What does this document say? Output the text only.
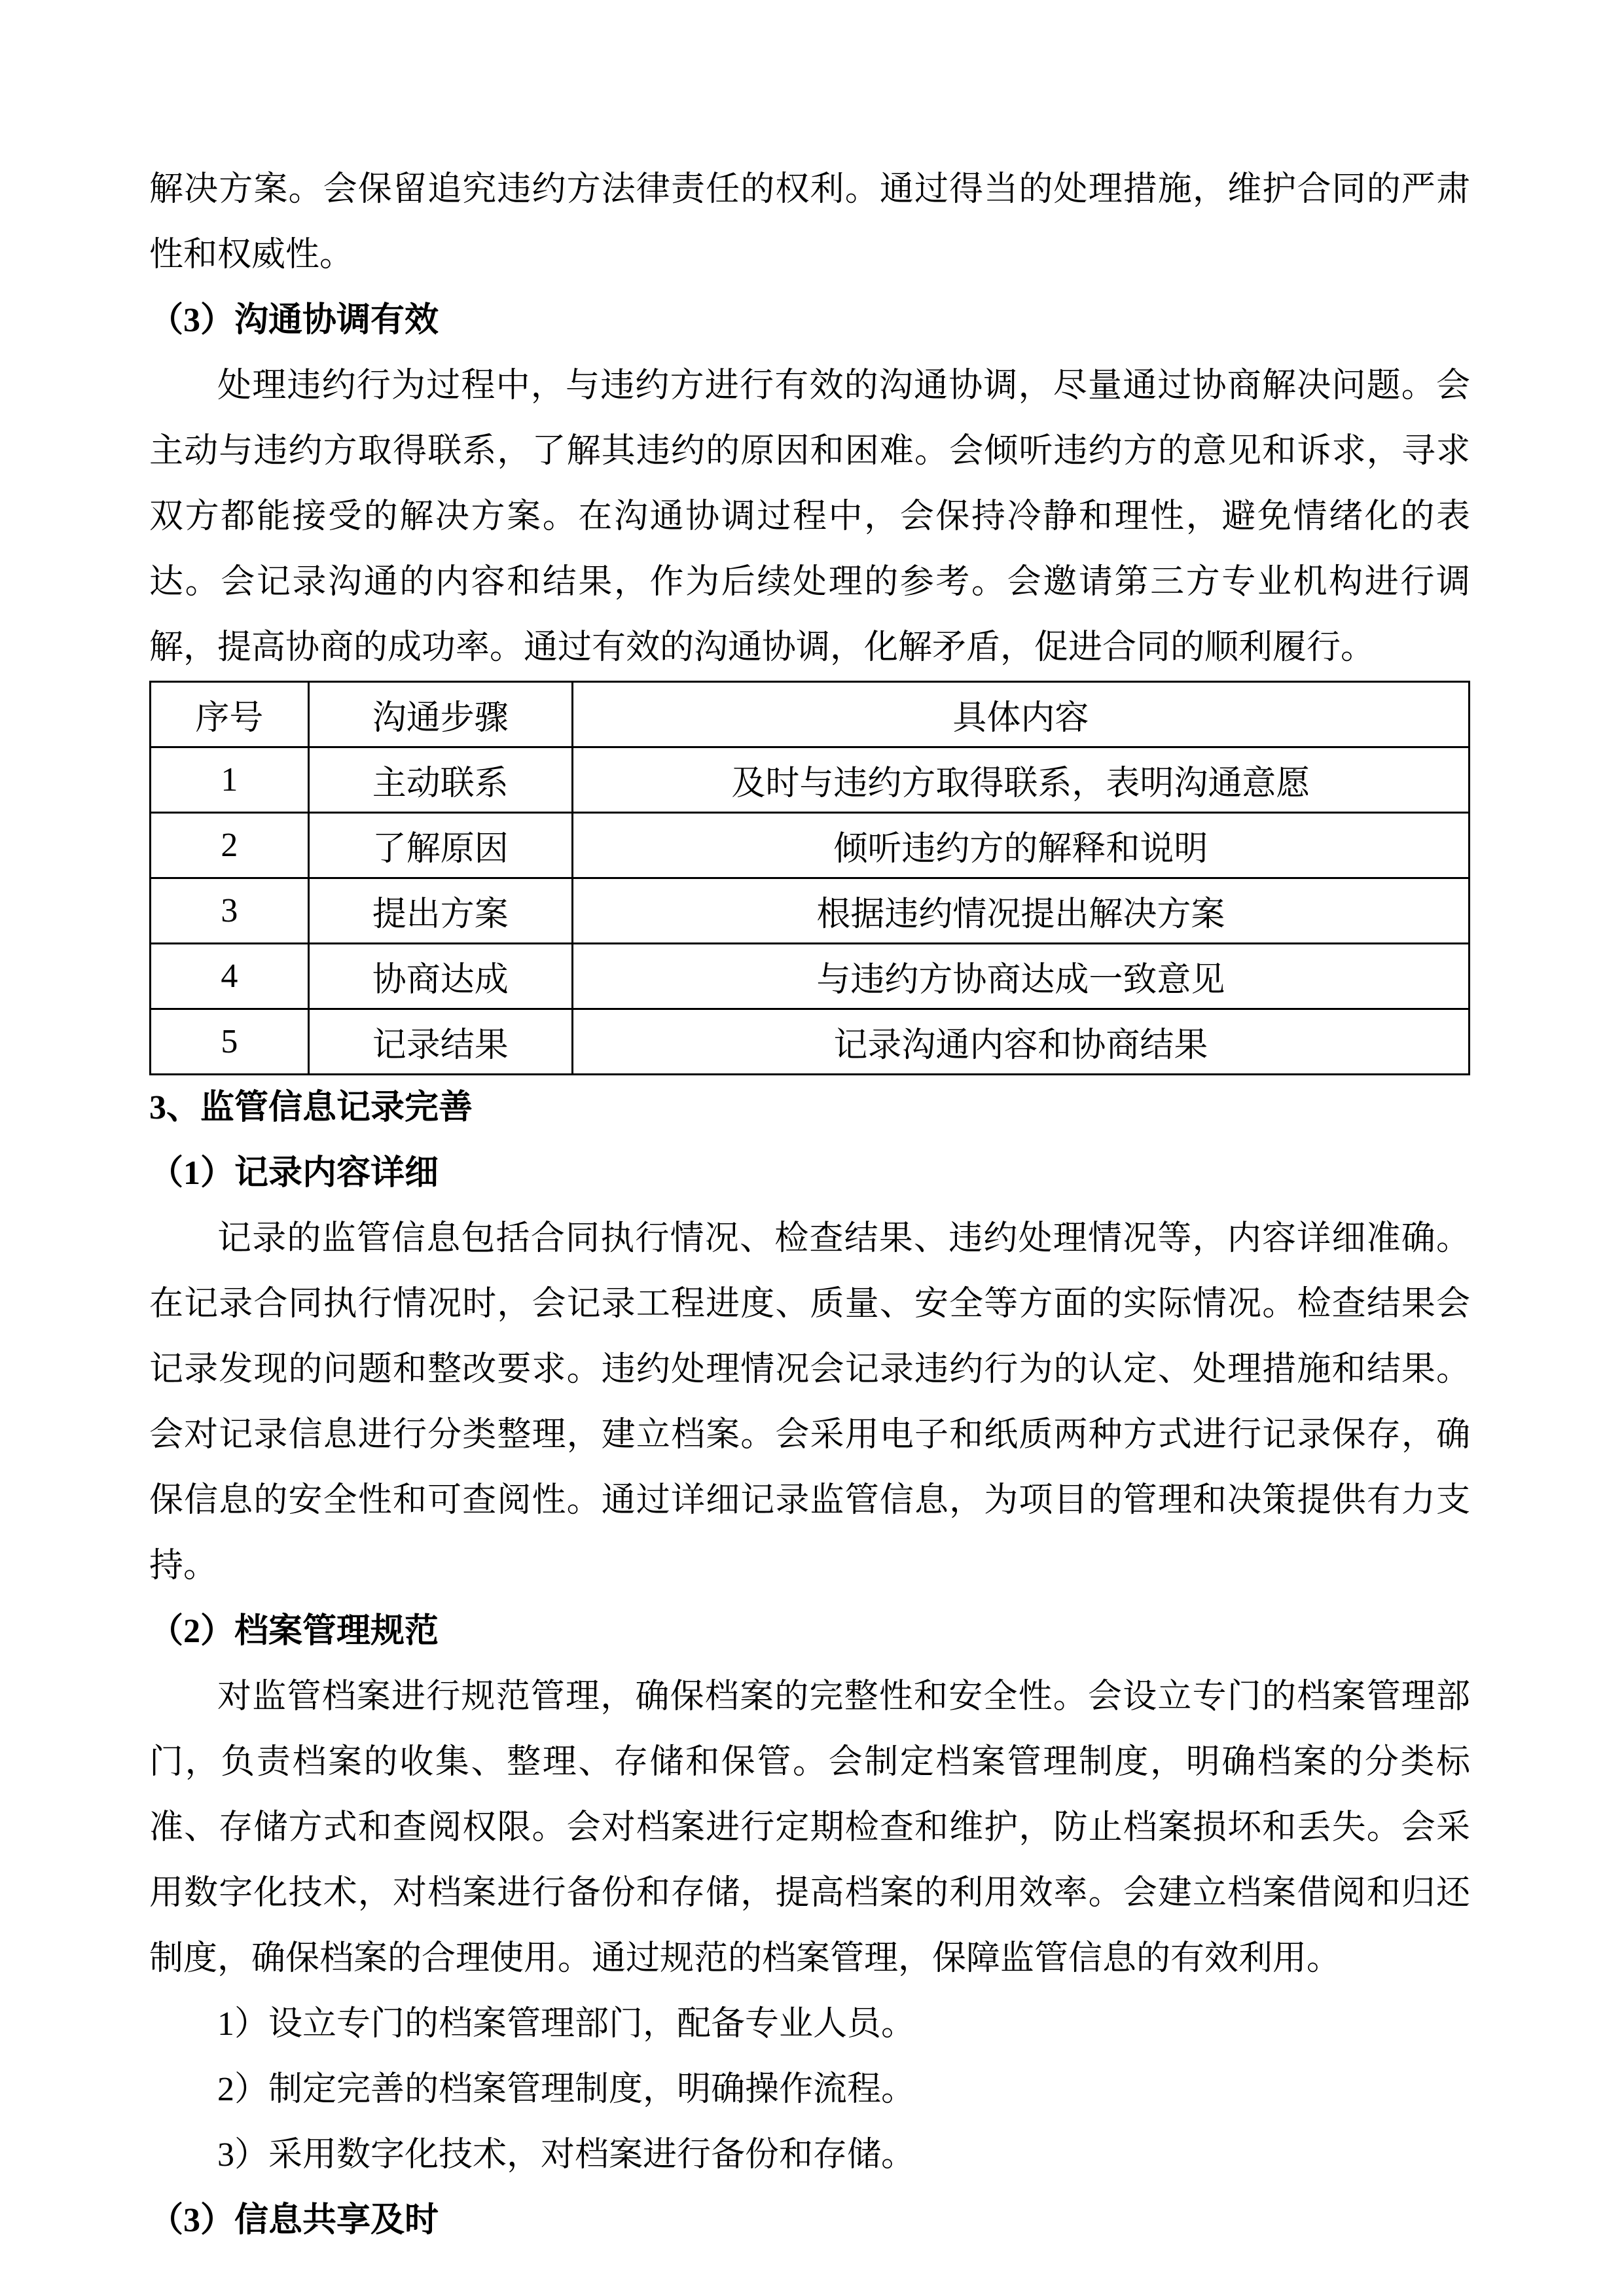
解决方案。会保留追究违约方法律责任的权利。通过得当的处理措施，维护合同的严肃性和权威性。

（3）沟通协调有效

处理违约行为过程中，与违约方进行有效的沟通协调，尽量通过协商解决问题。会主动与违约方取得联系，了解其违约的原因和困难。会倾听违约方的意见和诉求，寻求双方都能接受的解决方案。在沟通协调过程中，会保持冷静和理性，避免情绪化的表达。会记录沟通的内容和结果，作为后续处理的参考。会邀请第三方专业机构进行调解，提高协商的成功率。通过有效的沟通协调，化解矛盾，促进合同的顺利履行。

序号	沟通步骤	具体内容
1	主动联系	及时与违约方取得联系，表明沟通意愿
2	了解原因	倾听违约方的解释和说明
3	提出方案	根据违约情况提出解决方案
4	协商达成	与违约方协商达成一致意见
5	记录结果	记录沟通内容和协商结果

3、监管信息记录完善

（1）记录内容详细

记录的监管信息包括合同执行情况、检查结果、违约处理情况等，内容详细准确。在记录合同执行情况时，会记录工程进度、质量、安全等方面的实际情况。检查结果会记录发现的问题和整改要求。违约处理情况会记录违约行为的认定、处理措施和结果。会对记录信息进行分类整理，建立档案。会采用电子和纸质两种方式进行记录保存，确保信息的安全性和可查阅性。通过详细记录监管信息，为项目的管理和决策提供有力支持。

（2）档案管理规范

对监管档案进行规范管理，确保档案的完整性和安全性。会设立专门的档案管理部门，负责档案的收集、整理、存储和保管。会制定档案管理制度，明确档案的分类标准、存储方式和查阅权限。会对档案进行定期检查和维护，防止档案损坏和丢失。会采用数字化技术，对档案进行备份和存储，提高档案的利用效率。会建立档案借阅和归还制度，确保档案的合理使用。通过规范的档案管理，保障监管信息的有效利用。

1）设立专门的档案管理部门，配备专业人员。

2）制定完善的档案管理制度，明确操作流程。

3）采用数字化技术，对档案进行备份和存储。

（3）信息共享及时
